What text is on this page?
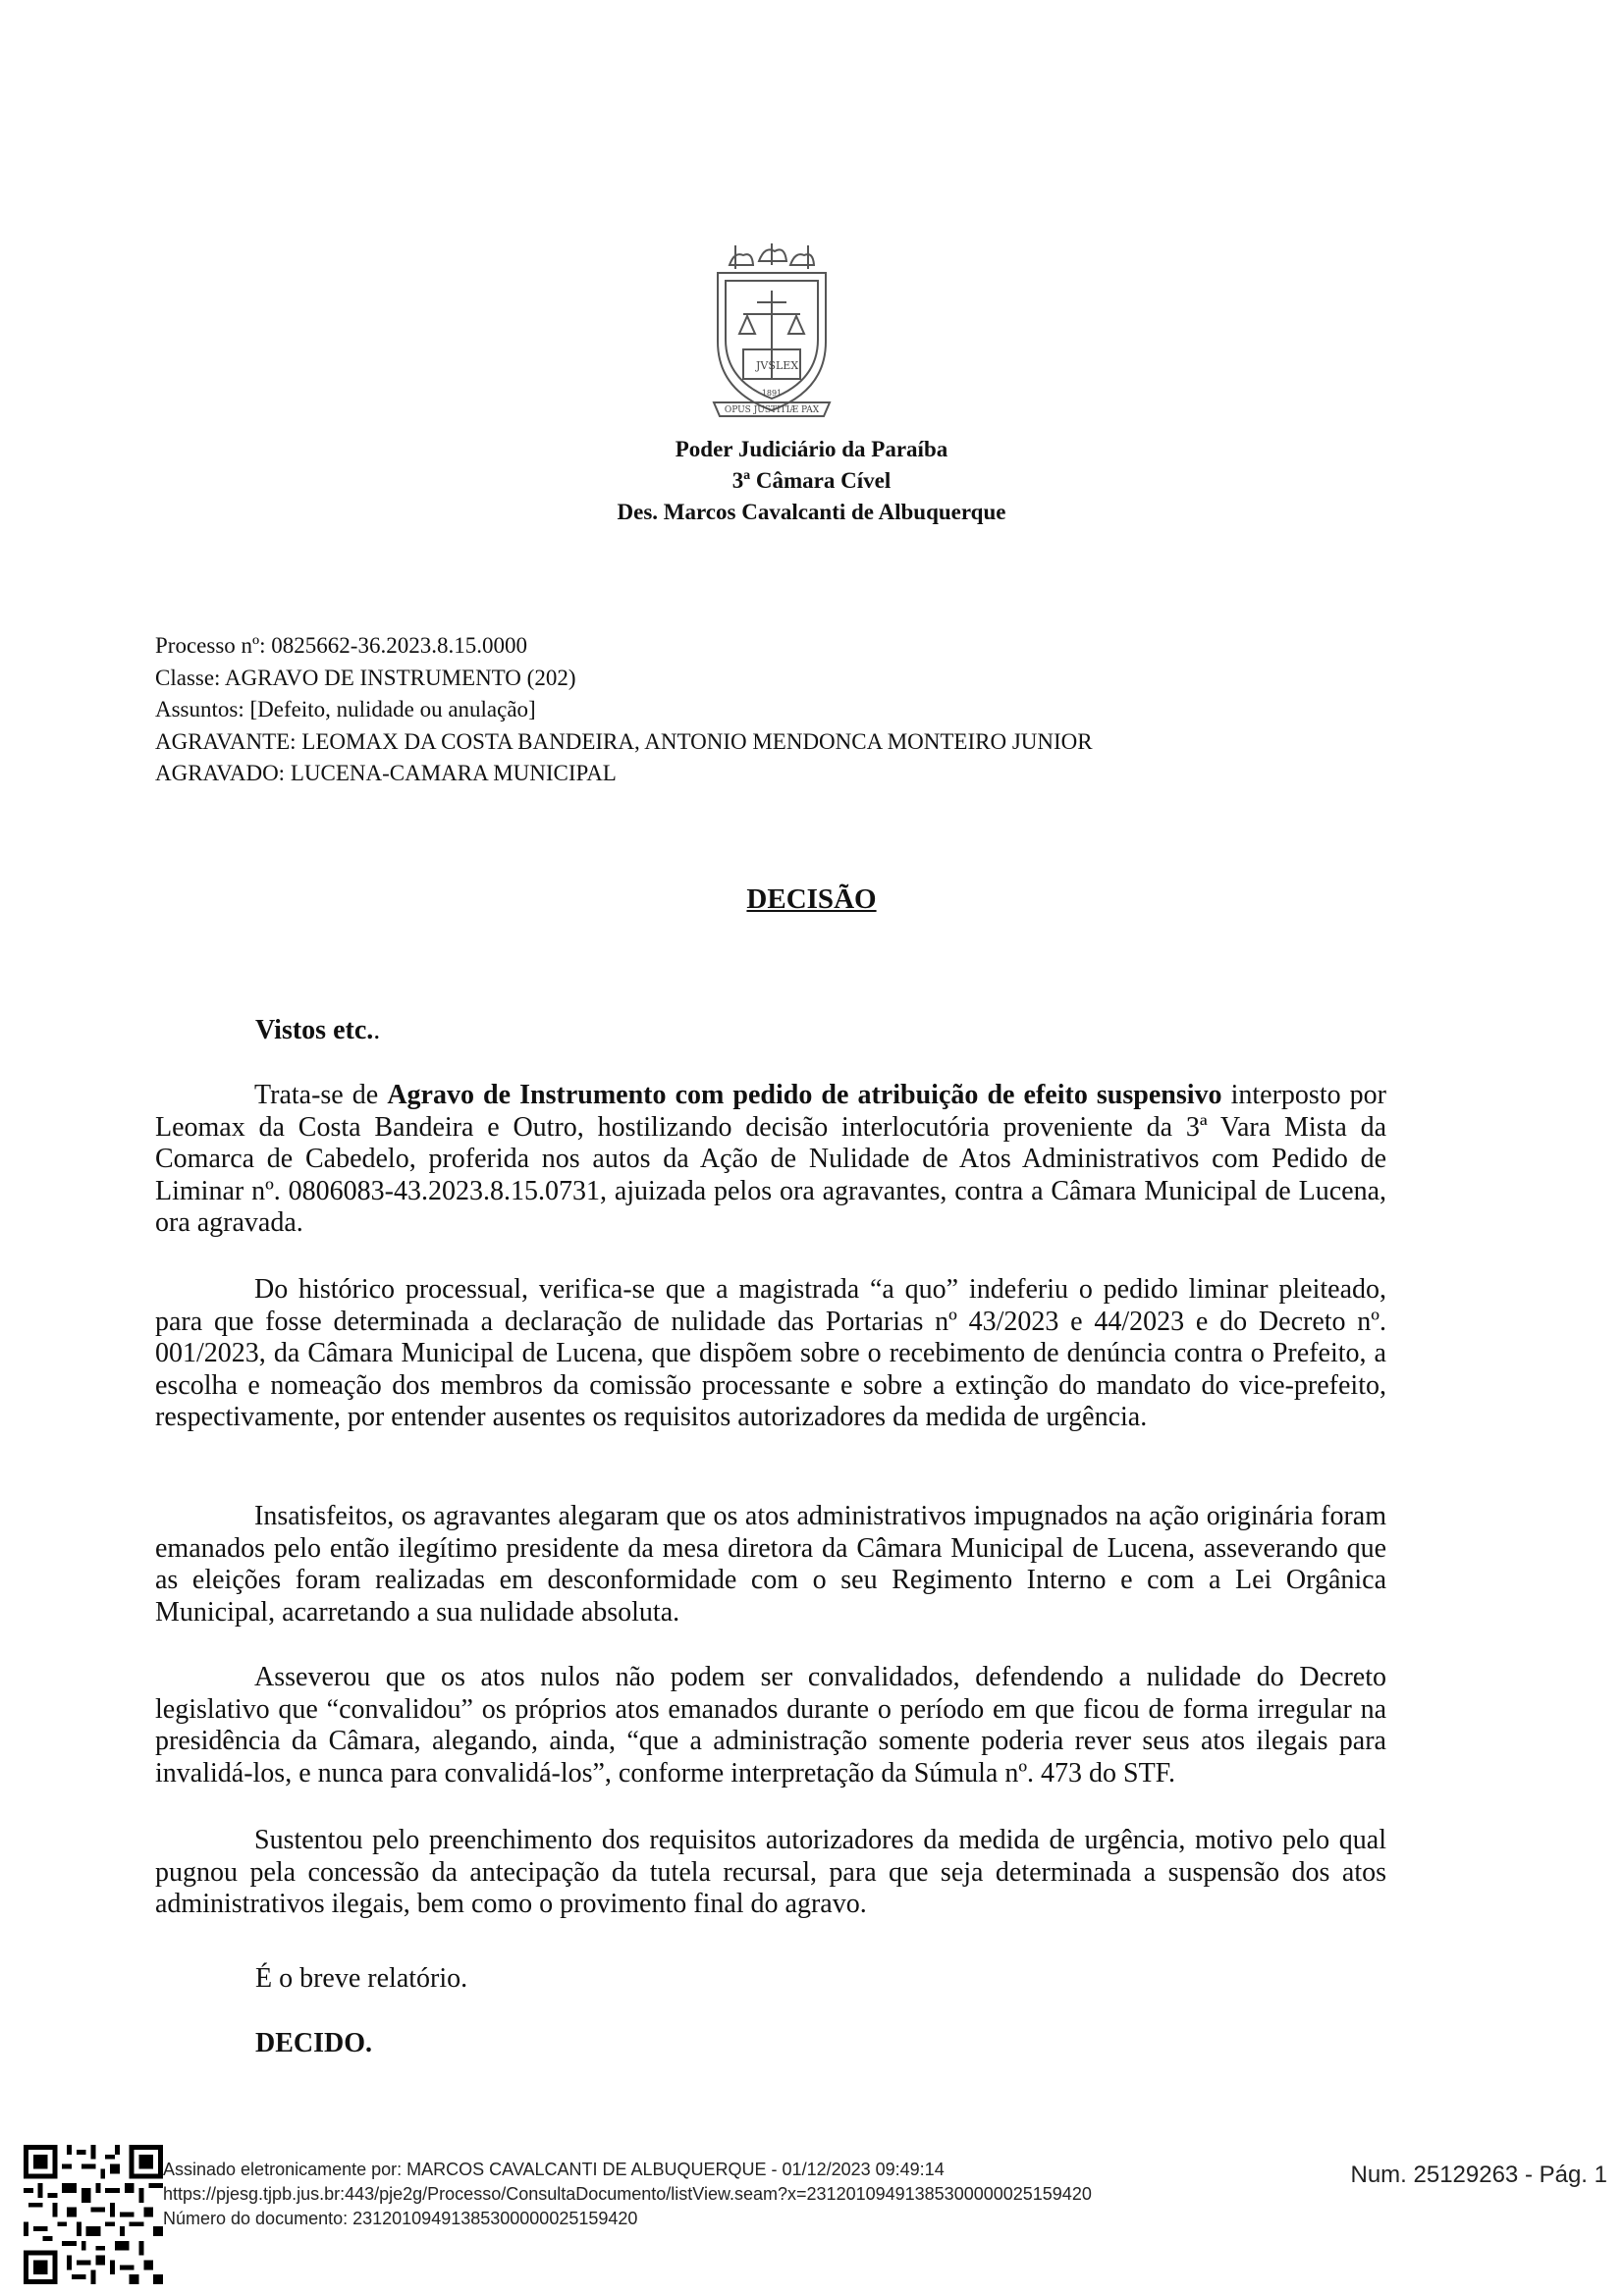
JVS LEX
1891
OPUS JUSTITIÆ PAX
Poder Judiciário da Paraíba
3ª Câmara Cível
Des. Marcos Cavalcanti de Albuquerque
Processo nº: 0825662-36.2023.8.15.0000
Classe: AGRAVO DE INSTRUMENTO (202)
Assuntos: [Defeito, nulidade ou anulação]
AGRAVANTE: LEOMAX DA COSTA BANDEIRA, ANTONIO MENDONCA MONTEIRO JUNIOR
AGRAVADO: LUCENA-CAMARA MUNICIPAL
DECISÃO
Vistos etc..

Trata-se de Agravo de Instrumento com pedido de atribuição de efeito suspensivo interposto por Leomax da Costa Bandeira e Outro, hostilizando decisão interlocutória proveniente da 3ª Vara Mista da Comarca de Cabedelo, proferida nos autos da Ação de Nulidade de Atos Administrativos com Pedido de Liminar nº. 0806083-43.2023.8.15.0731, ajuizada pelos ora agravantes, contra a Câmara Municipal de Lucena, ora agravada.

Do histórico processual, verifica-se que a magistrada “a quo” indeferiu o pedido liminar pleiteado, para que fosse determinada a declaração de nulidade das Portarias nº 43/2023 e 44/2023 e do Decreto nº. 001/2023, da Câmara Municipal de Lucena, que dispõem sobre o recebimento de denúncia contra o Prefeito, a escolha e nomeação dos membros da comissão processante e sobre a extinção do mandato do vice-prefeito, respectivamente, por entender ausentes os requisitos autorizadores da medida de urgência.

Insatisfeitos, os agravantes alegaram que os atos administrativos impugnados na ação originária foram emanados pelo então ilegítimo presidente da mesa diretora da Câmara Municipal de Lucena, asseverando que as eleições foram realizadas em desconformidade com o seu Regimento Interno e com a Lei Orgânica Municipal, acarretando a sua nulidade absoluta.

Asseverou que os atos nulos não podem ser convalidados, defendendo a nulidade do Decreto legislativo que “convalidou” os próprios atos emanados durante o período em que ficou de forma irregular na presidência da Câmara, alegando, ainda, “que a administração somente poderia rever seus atos ilegais para invalidá-los, e nunca para convalidá-los”, conforme interpretação da Súmula nº. 473 do STF.

Sustentou pelo preenchimento dos requisitos autorizadores da medida de urgência, motivo pelo qual pugnou pela concessão da antecipação da tutela recursal, para que seja determinada a suspensão dos atos administrativos ilegais, bem como o provimento final do agravo.

É o breve relatório.
DECIDO.
Assinado eletronicamente por: MARCOS CAVALCANTI DE ALBUQUERQUE - 01/12/2023 09:49:14
https://pjesg.tjpb.jus.br:443/pje2g/Processo/ConsultaDocumento/listView.seam?x=23120109491385300000025159420
Número do documento: 23120109491385300000025159420
Num. 25129263 - Pág. 1
